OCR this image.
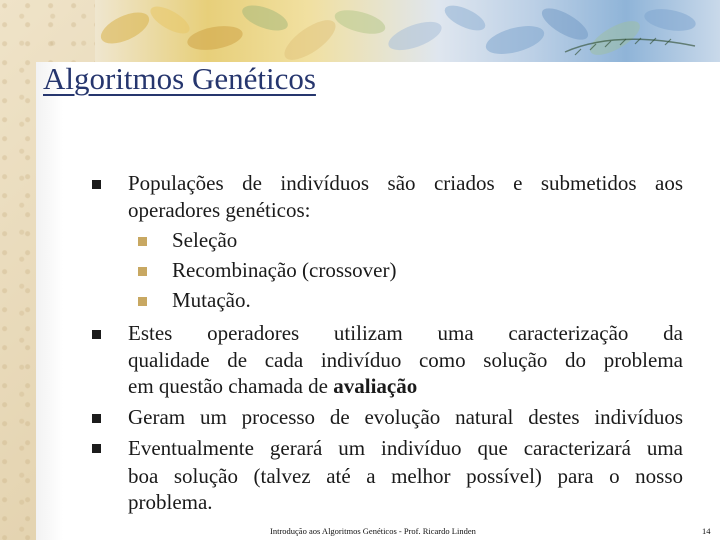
Algoritmos Genéticos
Populações de indivíduos são criados e submetidos aos
operadores genéticos:
Seleção
Recombinação (crossover)
Mutação.
Estes operadores utilizam uma caracterização da
qualidade de cada indivíduo como solução do problema
em questão chamada de avaliação
Geram um processo de evolução natural destes indivíduos
Eventualmente gerará um indivíduo que caracterizará uma
boa solução (talvez até a melhor possível) para o nosso
problema.
Introdução aos Algoritmos Genéticos - Prof. Ricardo Linden	14
